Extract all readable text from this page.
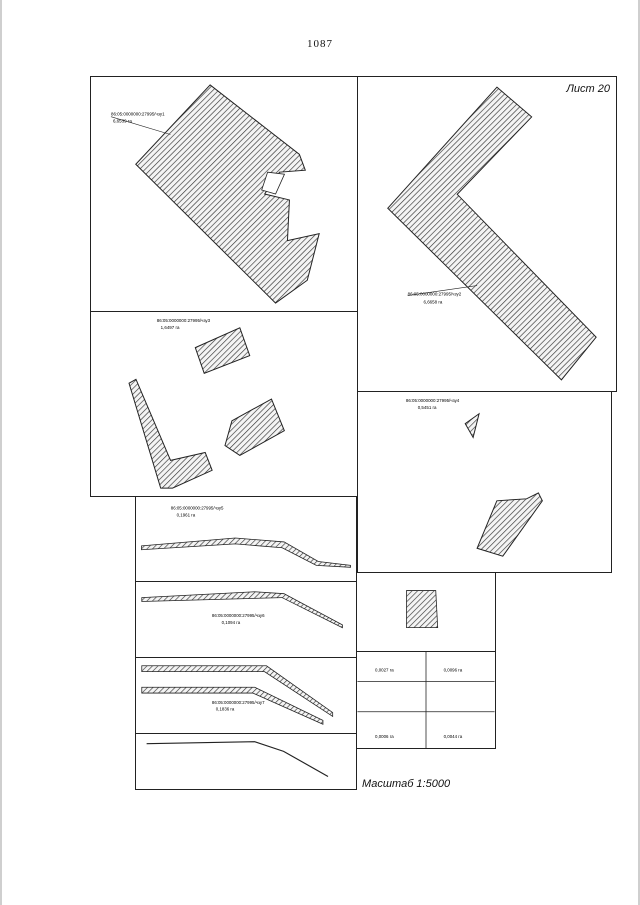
1087
86:05:0000000:27995/чзу1
6,6539 га
Лист 20
86:05:0000000:27995/чзу2
6,6658 га
86:05:0000000:27995/чзу3
1,6497 га
86:05:0000000:27995/чзу4
0,5451 га
86:05:0000000:27995/чзу5
0,1961 га
86:05:0000000:27995/чзу6
0,1094 га
86:05:0000000:27995/чзу7
0,1836 га
0,0027 га	0,0096 га
0,0006 га	0,0044 га
Масштаб 1:5000
